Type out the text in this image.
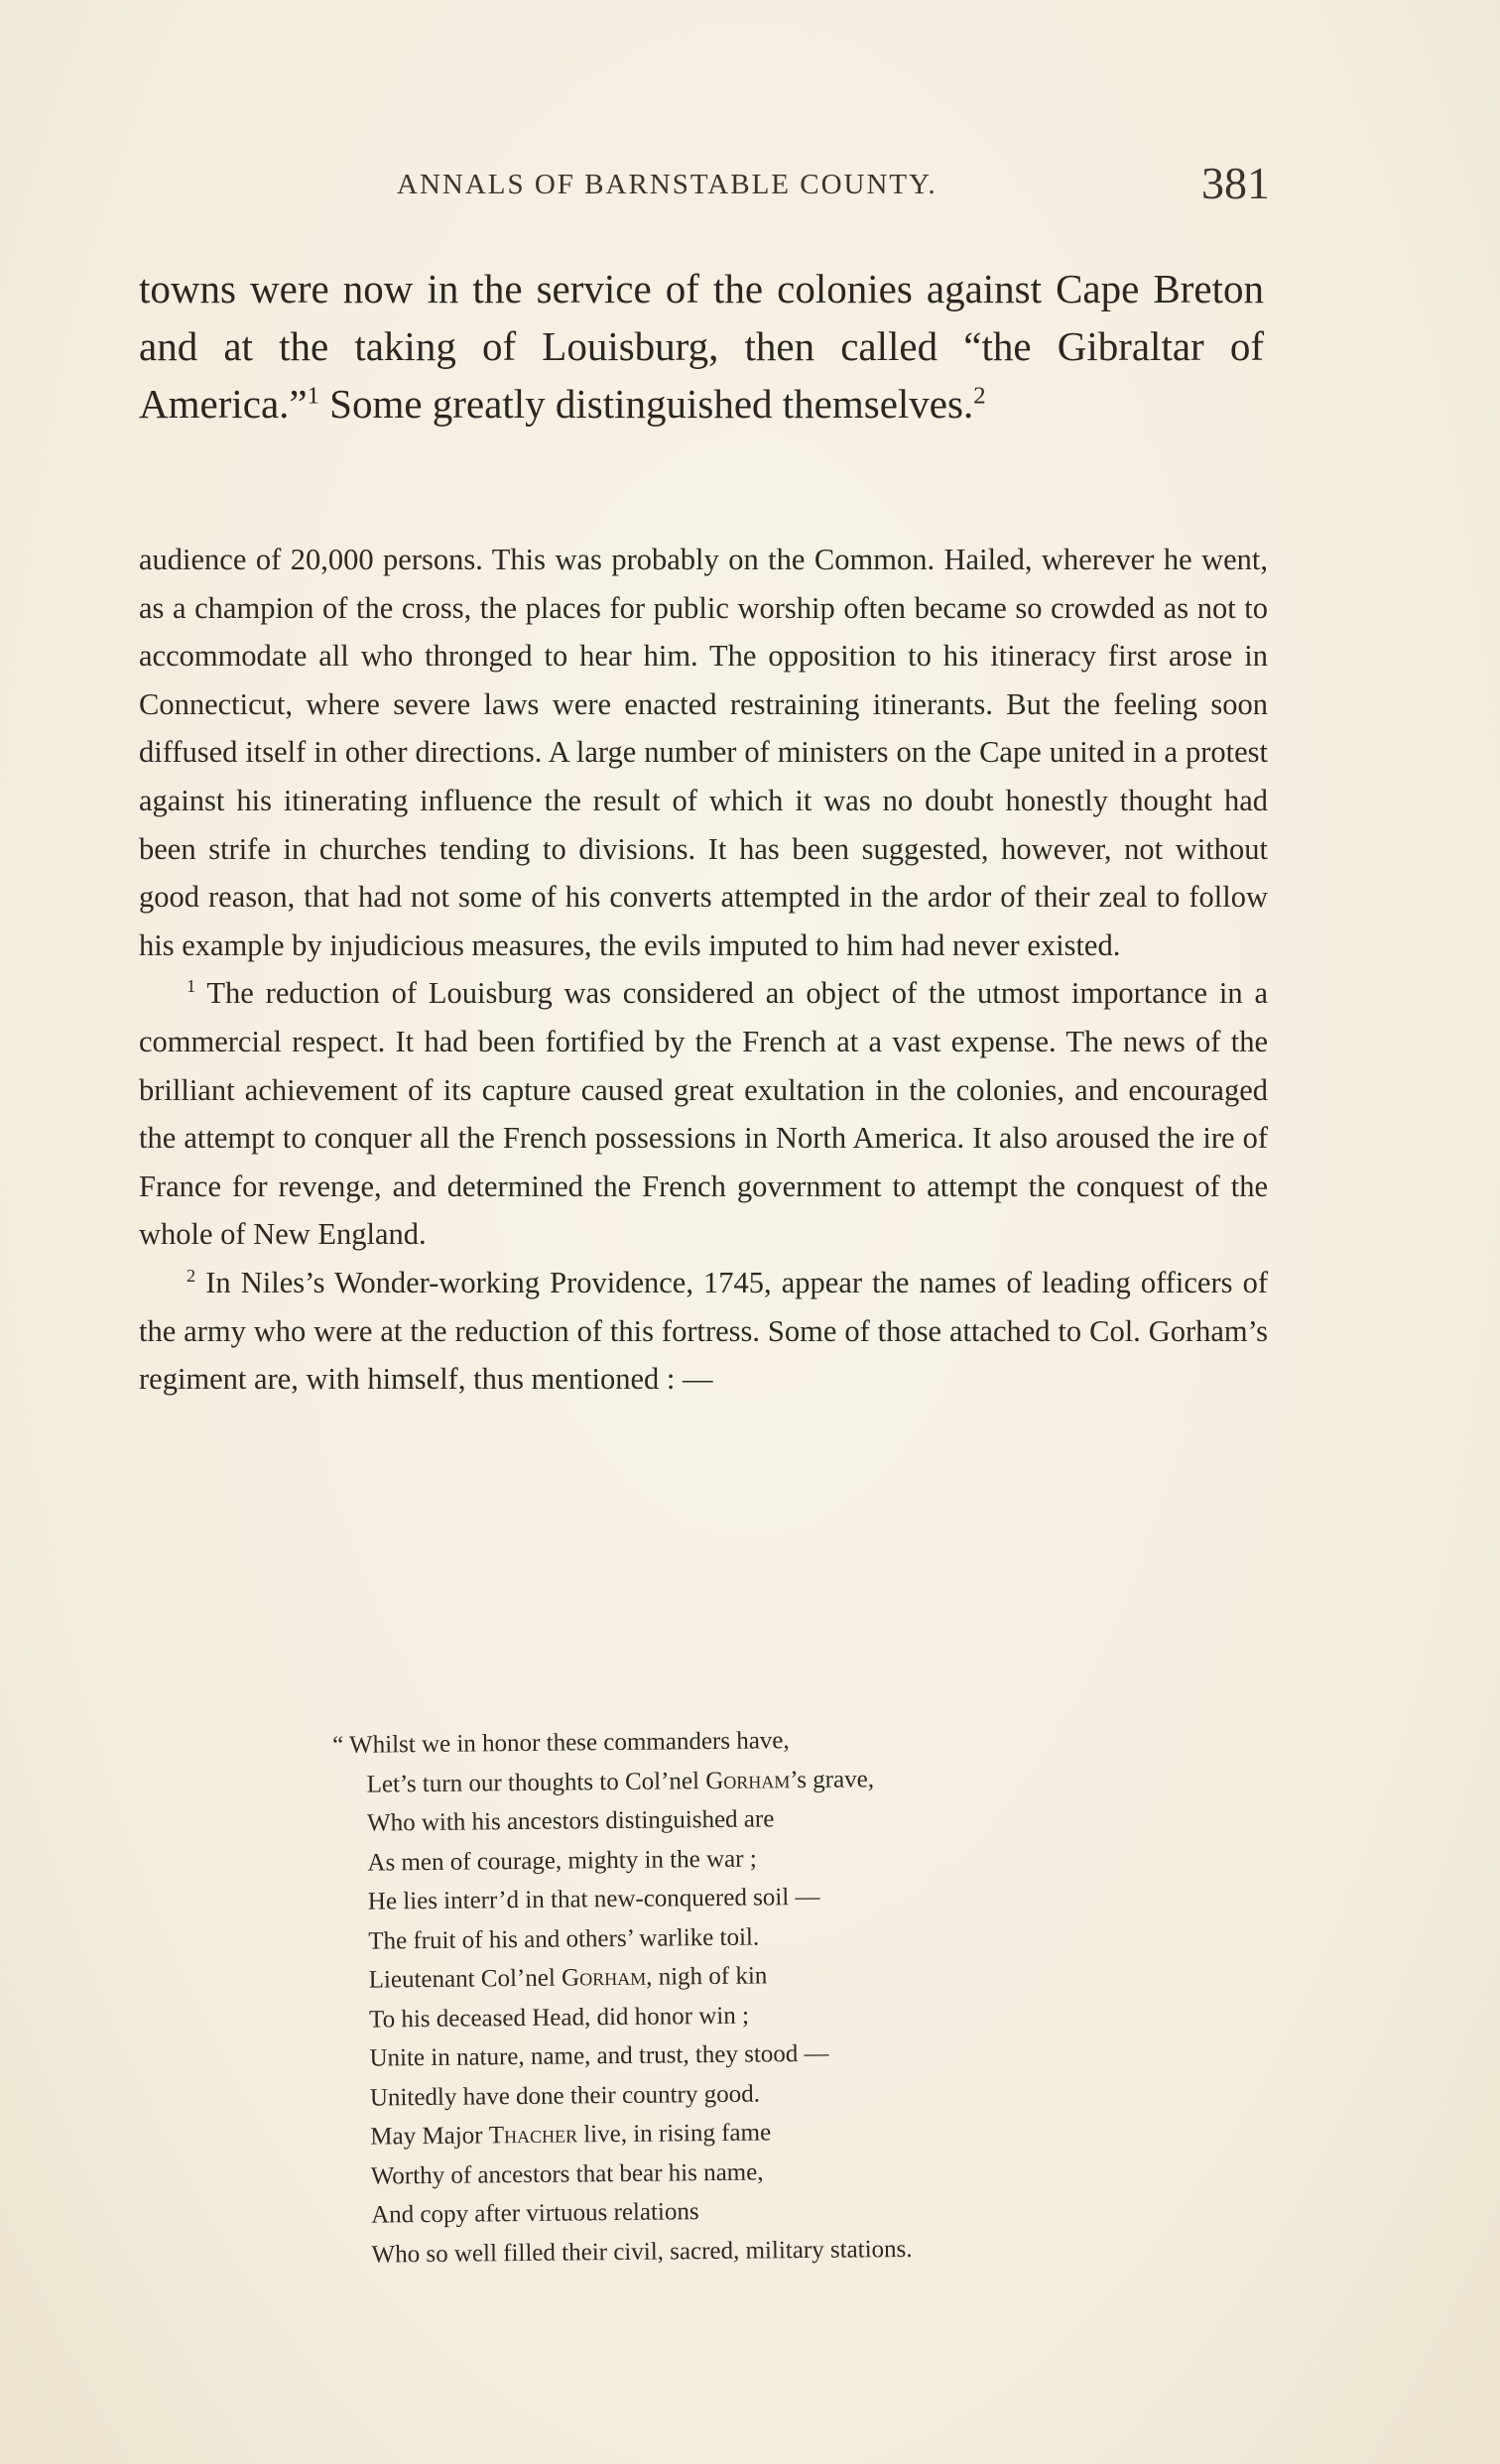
ANNALS OF BARNSTABLE COUNTY.	381

towns were now in the service of the colonies against Cape Breton and at the taking of Louisburg, then called “the Gibraltar of America.”$^1$ Some greatly distinguished themselves.$^2$

audience of 20,000 persons. This was probably on the Common. Hailed, wherever he went, as a champion of the cross, the places for public worship often became so crowded as not to accommodate all who thronged to hear him. The opposition to his itineracy first arose in Connecticut, where severe laws were enacted restraining itinerants. But the feeling soon diffused itself in other directions. A large number of ministers on the Cape united in a protest against his itinerating influence the result of which it was no doubt honestly thought had been strife in churches tending to divisions. It has been suggested, however, not without good reason, that had not some of his converts attempted in the ardor of their zeal to follow his example by injudicious measures, the evils imputed to him had never existed.

$^1$ The reduction of Louisburg was considered an object of the utmost importance in a commercial respect. It had been fortified by the French at a vast expense. The news of the brilliant achievement of its capture caused great exultation in the colonies, and encouraged the attempt to conquer all the French possessions in North America. It also aroused the ire of France for revenge, and determined the French government to attempt the conquest of the whole of New England.

$^2$ In Niles’s Wonder-working Providence, 1745, appear the names of leading officers of the army who were at the reduction of this fortress. Some of those attached to Col. Gorham’s regiment are, with himself, thus mentioned : —

“ Whilst we in honor these commanders have,
Let’s turn our thoughts to Col’nel Gorham’s grave,
Who with his ancestors distinguished are
As men of courage, mighty in the war ;
He lies interr’d in that new-conquered soil —
The fruit of his and others’ warlike toil.
Lieutenant Col’nel Gorham, nigh of kin
To his deceased Head, did honor win ;
Unite in nature, name, and trust, they stood —
Unitedly have done their country good.
May Major Thacher live, in rising fame
Worthy of ancestors that bear his name,
And copy after virtuous relations
Who so well filled their civil, sacred, military stations.
